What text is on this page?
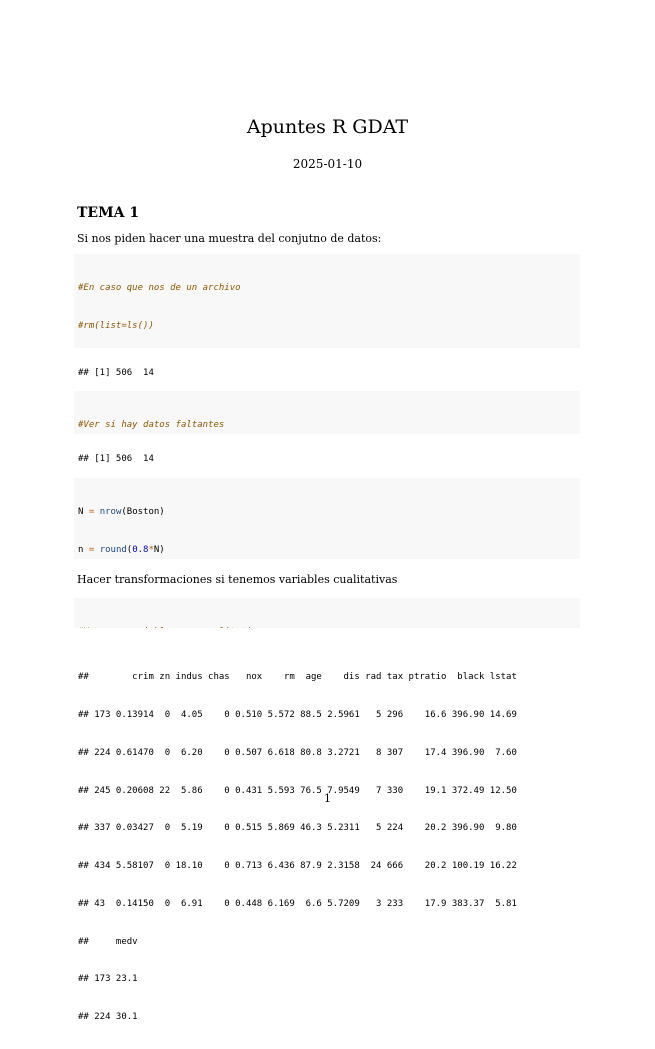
Apuntes R GDAT
2025-01-10
TEMA 1
Si nos piden hacer una muestra del conjutno de datos:

#En caso que nos de un archivo

#rm(list=ls())

## [1] 506  14

#Ver si hay datos faltantes

## [1] 506  14

N = nrow(Boston)

n = round(0.8*N)

Hacer transformaciones si tenemos variables cualitativas

##        crim zn indus chas   nox    rm  age    dis rad tax ptratio  black lstat

## 173 0.13914  0  4.05    0 0.510 5.572 88.5 2.5961   5 296    16.6 396.90 14.69

## 224 0.61470  0  6.20    0 0.507 6.618 80.8 3.2721   8 307    17.4 396.90  7.60

## 245 0.20608 22  5.86    0 0.431 5.593 76.5 7.9549   7 330    19.1 372.49 12.50

## 337 0.03427  0  5.19    0 0.515 5.869 46.3 5.2311   5 224    20.2 396.90  9.80

## 434 5.58107  0 18.10    0 0.713 6.436 87.9 2.3158  24 666    20.2 100.19 16.22

## 43  0.14150  0  6.91    0 0.448 6.169  6.6 5.7209   3 233    17.9 383.37  5.81

##     medv

## 173 23.1

## 224 30.1

1
